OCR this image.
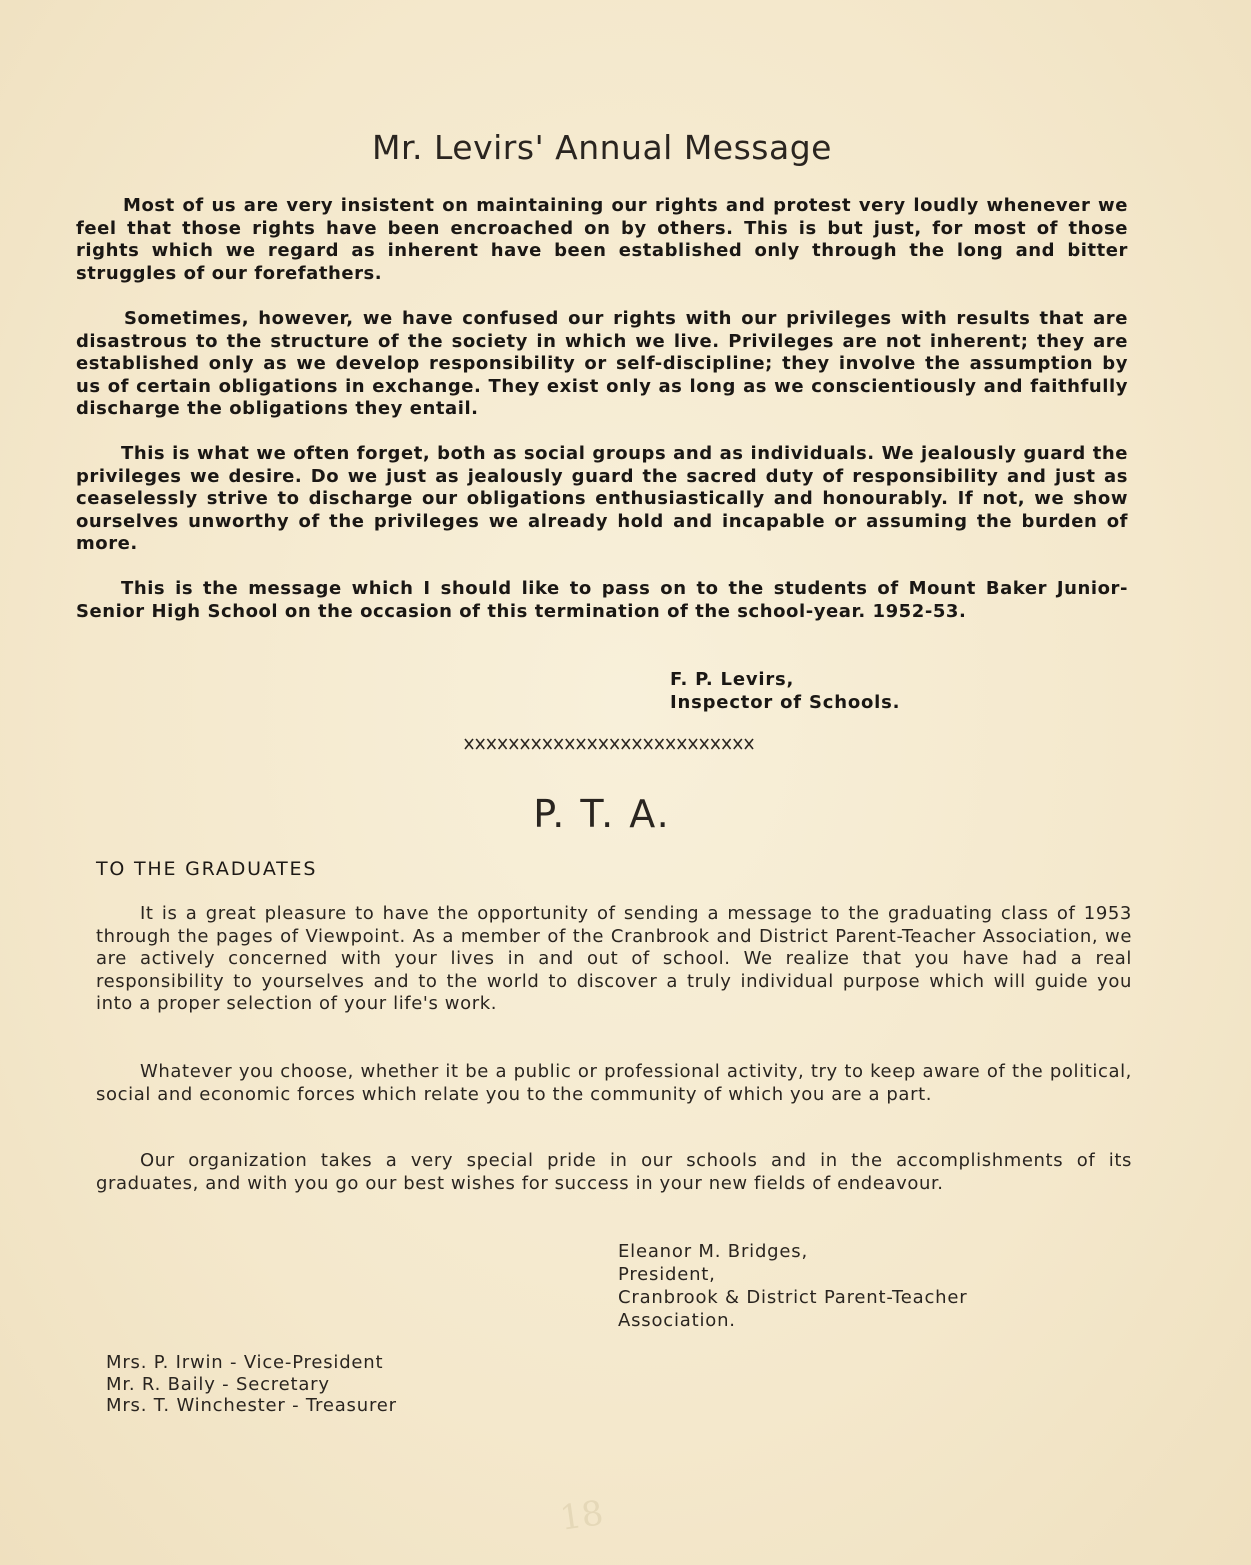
Mr. Levirs' Annual Message

Most of us are very insistent on maintaining our rights and protest very loudly whenever we feel that those rights have been encroached on by others. This is but just, for most of those rights which we regard as inherent have been established only through the long and bitter struggles of our forefathers.

Sometimes, however, we have confused our rights with our privileges with results that are disastrous to the structure of the society in which we live. Privileges are not inherent; they are established only as we develop responsibility or self-discipline; they involve the assumption by us of certain obligations in exchange. They exist only as long as we conscientiously and faithfully discharge the obligations they entail.

This is what we often forget, both as social groups and as individuals. We jealously guard the privileges we desire. Do we just as jealously guard the sacred duty of responsibility and just as ceaselessly strive to discharge our obligations enthusiastically and honourably. If not, we show ourselves unworthy of the privileges we already hold and incapable or assuming the burden of more.

This is the message which I should like to pass on to the students of Mount Baker Junior-Senior High School on the occasion of this termination of the school-year. 1952-53.

F. P. Levirs,
Inspector of Schools.
P. T. A.
TO THE GRADUATES

It is a great pleasure to have the opportunity of sending a message to the graduating class of 1953 through the pages of Viewpoint. As a member of the Cranbrook and District Parent-Teacher Association, we are actively concerned with your lives in and out of school. We realize that you have had a real responsibility to yourselves and to the world to discover a truly individual purpose which will guide you into a proper selection of your life's work.

Whatever you choose, whether it be a public or professional activity, try to keep aware of the political, social and economic forces which relate you to the community of which you are a part.

Our organization takes a very special pride in our schools and in the accomplishments of its graduates, and with you go our best wishes for success in your new fields of endeavour.

Eleanor M. Bridges,
President,
Cranbrook & District Parent-Teacher
Association.
Mrs. P. Irwin - Vice-President
Mr. R. Baily - Secretary
Mrs. T. Winchester - Treasurer
18
